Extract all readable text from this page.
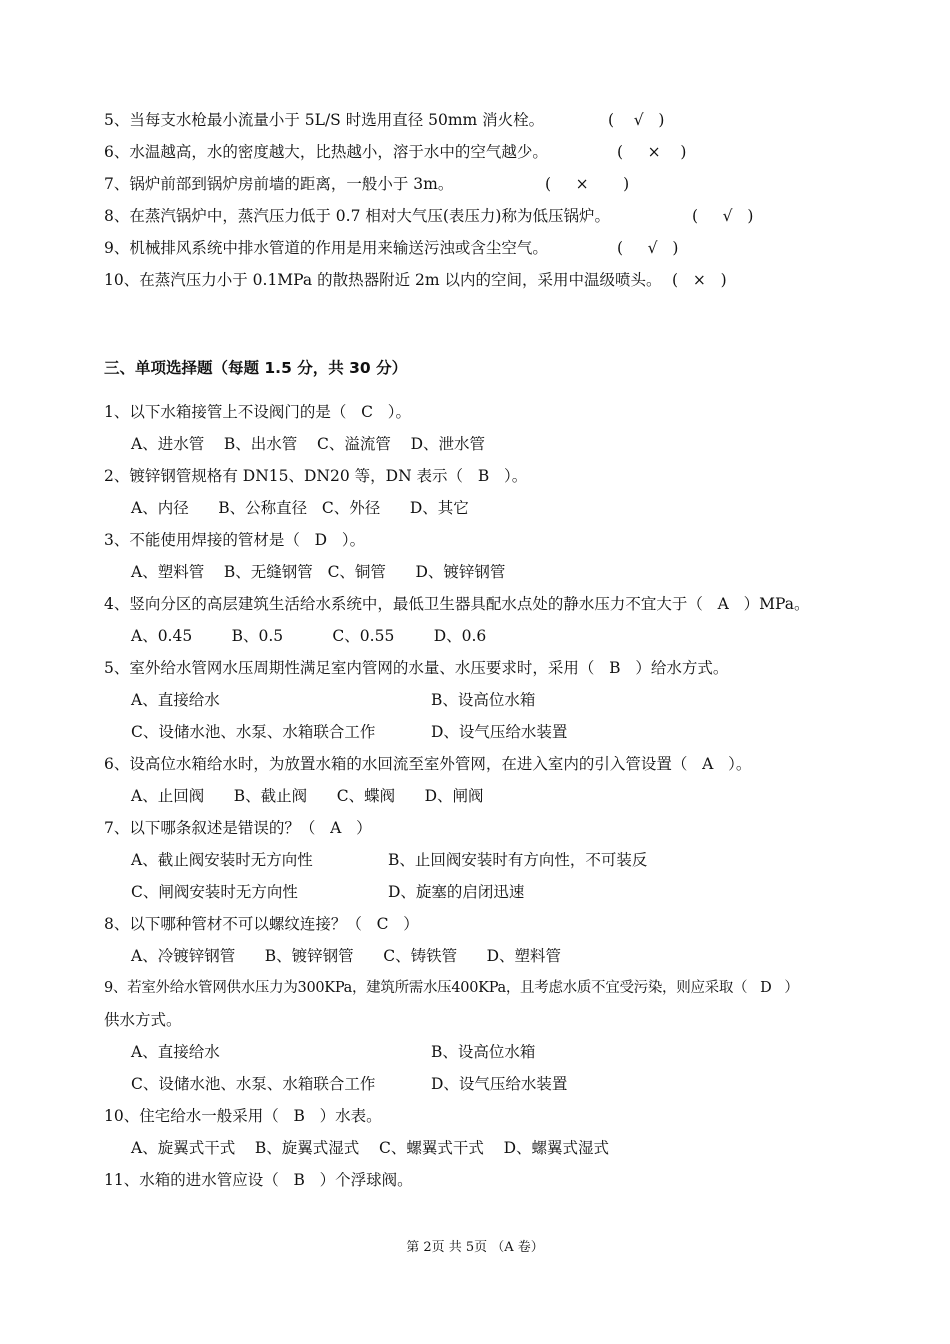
5、当每支水枪最小流量小于 5L/S 时选用直径 50mm 消火栓。	(    √   )
6、水温越高，水的密度越大，比热越小，溶于水中的空气越少。	(     ×    )
7、锅炉前部到锅炉房前墙的距离，一般小于 3m。	(     ×       )
8、在蒸汽锅炉中，蒸汽压力低于 0.7 相对大气压(表压力)称为低压锅炉。	(     √   )
9、机械排风系统中排水管道的作用是用来输送污浊或含尘空气。	(     √   )
10、在蒸汽压力小于 0.1MPa 的散热器附近 2m 以内的空间，采用中温级喷头。 (   ×   )
三、单项选择题（每题 1.5 分，共 30 分）
1、以下水箱接管上不设阀门的是（   C   ）。
A、进水管    B、出水管    C、溢流管    D、泄水管
2、镀锌钢管规格有 DN15、DN20 等，DN 表示（   B   ）。
A、内径      B、公称直径   C、外径      D、其它
3、不能使用焊接的管材是（   D   ）。
A、塑料管    B、无缝钢管   C、铜管      D、镀锌钢管
4、竖向分区的高层建筑生活给水系统中，最低卫生器具配水点处的静水压力不宜大于（   A   ）MPa。
A、0.45        B、0.5          C、0.55        D、0.6
5、室外给水管网水压周期性满足室内管网的水量、水压要求时，采用（   B   ）给水方式。
A、直接给水	B、设高位水箱
C、设储水池、水泵、水箱联合工作	D、设气压给水装置
6、设高位水箱给水时，为放置水箱的水回流至室外管网，在进入室内的引入管设置（   A   ）。
A、止回阀      B、截止阀      C、蝶阀      D、闸阀
7、以下哪条叙述是错误的？（   A   ）
A、截止阀安装时无方向性	B、止回阀安装时有方向性，不可装反
C、闸阀安装时无方向性	D、旋塞的启闭迅速
8、以下哪种管材不可以螺纹连接？（   C   ）
A、冷镀锌钢管      B、镀锌钢管      C、铸铁管      D、塑料管
9、若室外给水管网供水压力为300KPa，建筑所需水压400KPa，且考虑水质不宜受污染，则应采取（   D   ）
供水方式。
A、直接给水	B、设高位水箱
C、设储水池、水泵、水箱联合工作	D、设气压给水装置
10、住宅给水一般采用（   B   ）水表。
A、旋翼式干式    B、旋翼式湿式    C、螺翼式干式    D、螺翼式湿式
11、水箱的进水管应设（   B   ）个浮球阀。
第 2页 共 5页 （A 卷）
